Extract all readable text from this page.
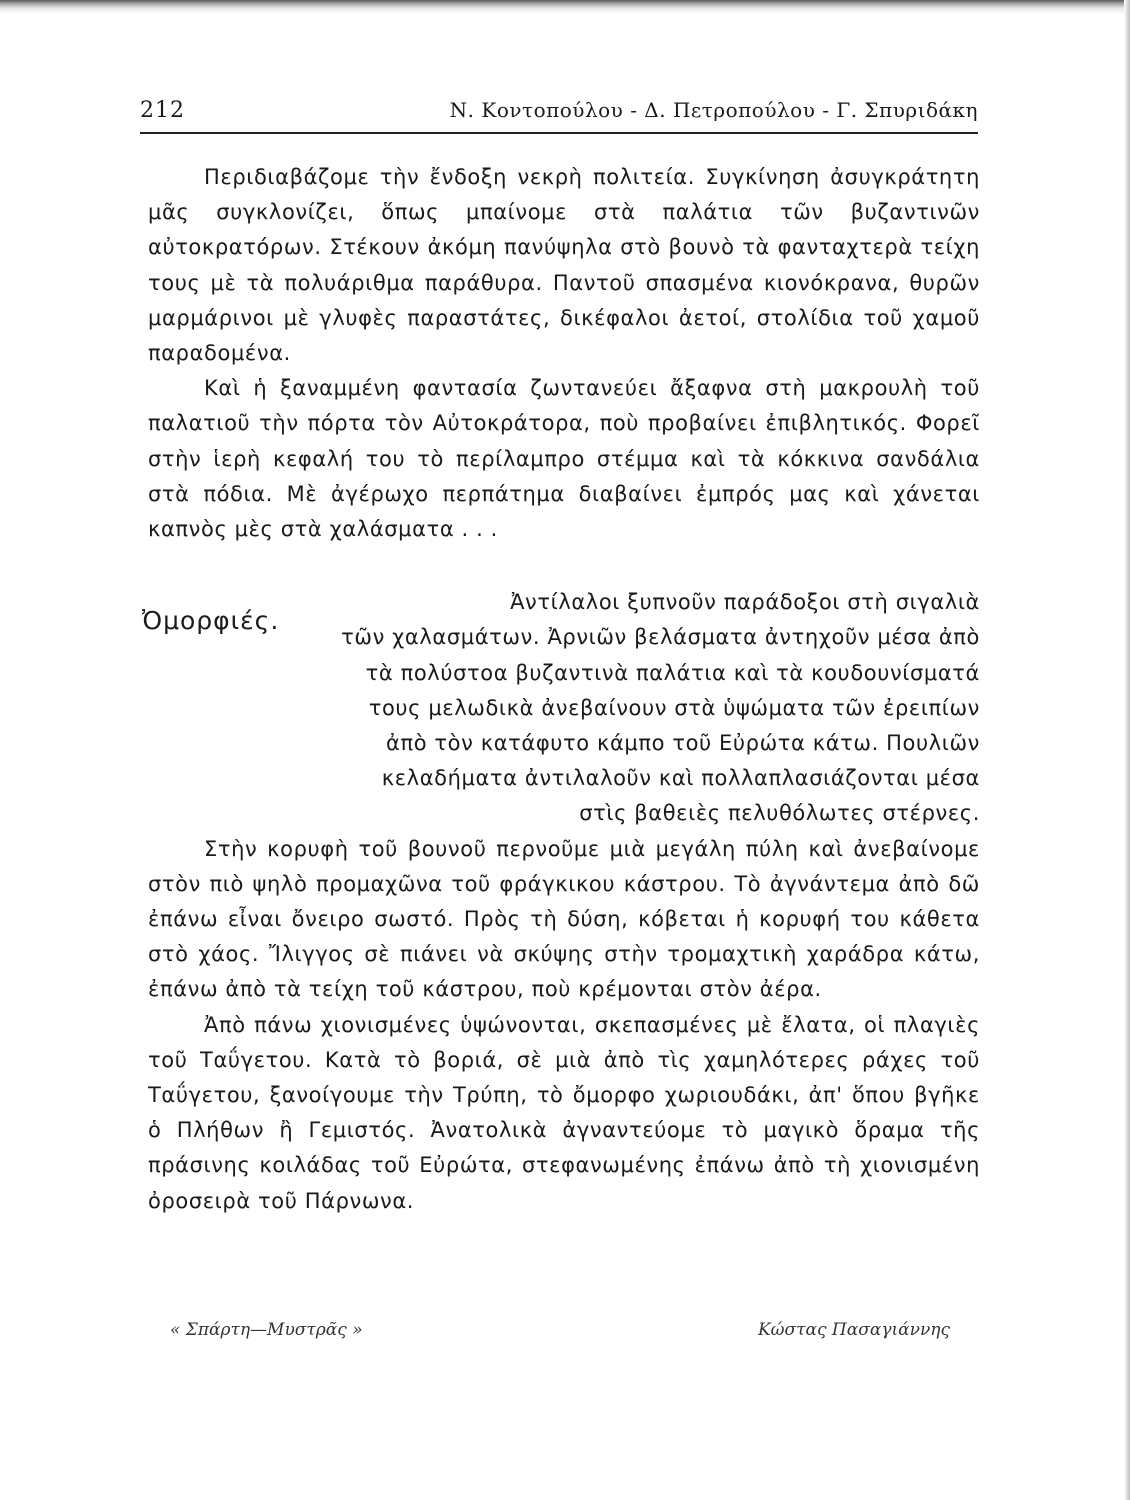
212	Ν. Κοντοπούλου - Δ. Πετροπούλου - Γ. Σπυριδάκη

Περιδιαβάζομε τὴν ἔνδοξη νεκρὴ πολιτεία. Συγκίνηση ἀσυγκράτητη μᾶς συγκλονίζει, ὅπως μπαίνομε στὰ παλάτια τῶν βυζαντινῶν αὐτοκρατόρων. Στέκουν ἀκόμη πανύψηλα στὸ βουνὸ τὰ φανταχτερὰ τείχη τους μὲ τὰ πολυάριθμα παράθυρα. Παντοῦ σπασμένα κιονόκρανα, θυρῶν μαρμάρινοι μὲ γλυφὲς παραστάτες, δικέφαλοι ἀετοί, στολίδια τοῦ χαμοῦ παραδομένα.

Καὶ ἡ ξαναμμένη φαντασία ζωντανεύει ἄξαφνα στὴ μακρουλὴ τοῦ παλατιοῦ τὴν πόρτα τὸν Αὐτοκράτορα, ποὺ προβαίνει ἐπιβλητικός. Φορεῖ στὴν ἱερὴ κεφαλή του τὸ περίλαμπρο στέμμα καὶ τὰ κόκκινα σανδάλια στὰ πόδια. Μὲ ἀγέρωχο περπάτημα διαβαίνει ἐμπρός μας καὶ χάνεται καπνὸς μὲς στὰ χαλάσματα . . .

Ὀμορφιές.

Ἀντίλαλοι ξυπνοῦν παράδοξοι στὴ σιγαλιὰ
τῶν χαλασμάτων. Ἀρνιῶν βελάσματα ἀντηχοῦν μέσα ἀπὸ τὰ πολύστοα βυζαντινὰ παλάτια καὶ τὰ κουδουνίσματά τους μελωδικὰ ἀνεβαίνουν στὰ ὑψώματα τῶν ἐρειπίων ἀπὸ τὸν κατάφυτο κάμπο τοῦ Εὐρώτα κάτω. Πουλιῶν κελαδήματα ἀντιλαλοῦν καὶ πολλαπλασιάζονται μέσα στὶς βαθειὲς πελυθόλωτες στέρνες.

Στὴν κορυφὴ τοῦ βουνοῦ περνοῦμε μιὰ μεγάλη πύλη καὶ ἀνεβαίνομε στὸν πιὸ ψηλὸ προμαχῶνα τοῦ φράγκικου κάστρου. Τὸ ἀγνάντεμα ἀπὸ δῶ ἐπάνω εἶναι ὄνειρο σωστό. Πρὸς τὴ δύση, κόβεται ἡ κορυφή του κάθετα στὸ χάος. Ἴλιγγος σὲ πιάνει νὰ σκύψης στὴν τρομαχτικὴ χαράδρα κάτω, ἐπάνω ἀπὸ τὰ τείχη τοῦ κάστρου, ποὺ κρέμονται στὸν ἀέρα.

Ἀπὸ πάνω χιονισμένες ὑψώνονται, σκεπασμένες μὲ ἔλατα, οἱ πλαγιὲς τοῦ Ταΰγετου. Κατὰ τὸ βοριά, σὲ μιὰ ἀπὸ τὶς χαμηλότερες ράχες τοῦ Ταΰγετου, ξανοίγουμε τὴν Τρύπη, τὸ ὄμορφο χωριουδάκι, ἀπ' ὅπου βγῆκε ὁ Πλήθων ἢ Γεμιστός. Ἀνατολικὰ ἀγναντεύομε τὸ μαγικὸ ὅραμα τῆς πράσινης κοιλάδας τοῦ Εὐρώτα, στεφανωμένης ἐπάνω ἀπὸ τὴ χιονισμένη ὀροσειρὰ τοῦ Πάρνωνα.

« Σπάρτη—Μυστρᾶς »	Κώστας Πασαγιάννης
